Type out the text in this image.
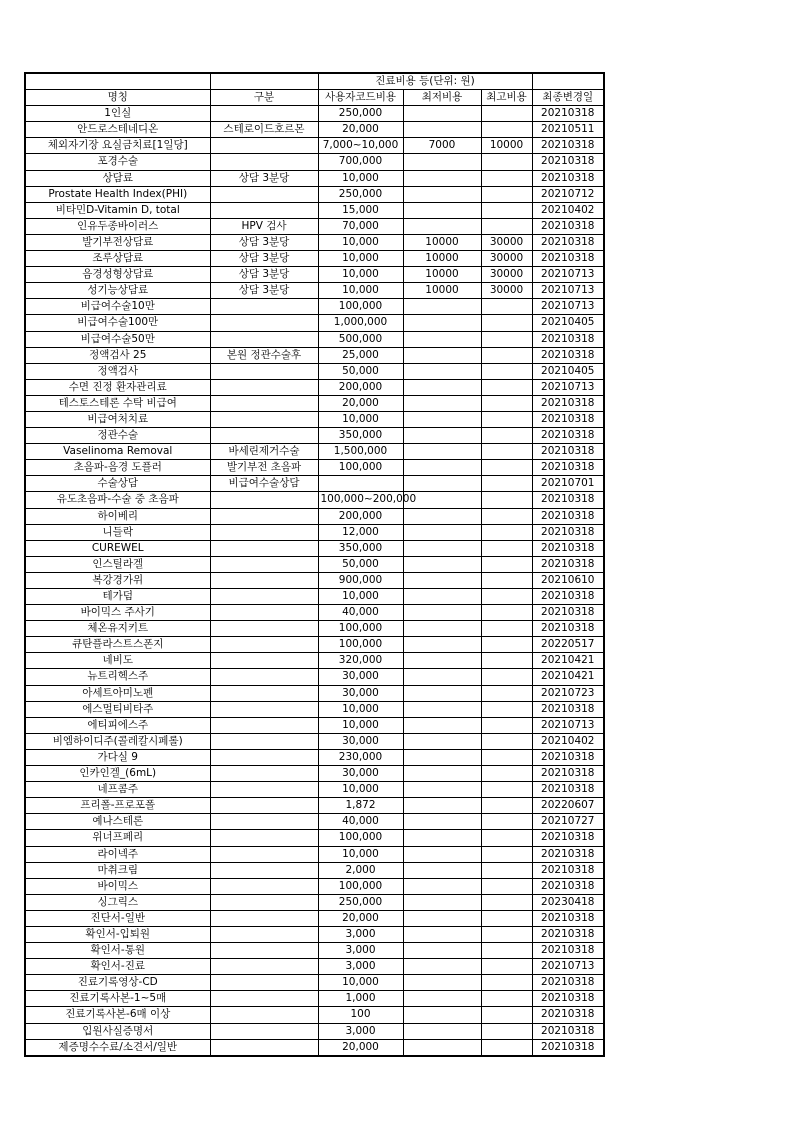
		진료비용 등(단위: 원)			
명칭	구분	사용자코드비용	최저비용	최고비용	최종변경일
1인실		250,000			20210318
안드로스테네디온	스테로이드호르몬	20,000			20210511
체외자기장 요실금치료[1일당]		7,000~10,000	7000	10000	20210318
포경수술		700,000			20210318
상담료	상담 3분당	10,000			20210318
Prostate Health Index(PHI)		250,000			20210712
비타민D-Vitamin D, total		15,000			20210402
인유두종바이러스	HPV 검사	70,000			20210318
발기부전상담료	상담 3분당	10,000	10000	30000	20210318
조루상담료	상담 3분당	10,000	10000	30000	20210318
음경성형상담료	상담 3분당	10,000	10000	30000	20210713
성기능상담료	상담 3분당	10,000	10000	30000	20210713
비급여수술10만		100,000			20210713
비급여수술100만		1,000,000			20210405
비급여수술50만		500,000			20210318
정액검사 25	본원 정관수술후	25,000			20210318
정액검사		50,000			20210405
수면 진정 환자관리료		200,000			20210713
테스토스테론 수탁 비급여		20,000			20210318
비급여처치료		10,000			20210318
정관수술		350,000			20210318
Vaselinoma Removal	바세린제거수술	1,500,000			20210318
초음파-음경 도플러	발기부전 초음파	100,000			20210318
수술상담	비급여수술상담				20210701
유도초음파-수술 중 초음파		100,000~200,000			20210318
하이베리		200,000			20210318
니들락		12,000			20210318
CUREWEL		350,000			20210318
인스틸라겔		50,000			20210318
복강경가위		900,000			20210610
테가덤		10,000			20210318
바이믹스 주사기		40,000			20210318
체온유지키트		100,000			20210318
큐탄플라스트스폰지		100,000			20220517
네비도		320,000			20210421
뉴트리헥스주		30,000			20210421
아세트아미노펜		30,000			20210723
에스멀티비타주		10,000			20210318
에티피에스주		10,000			20210713
비엠하이디주(콜레칼시페롤)		30,000			20210402
가다실 9		230,000			20210318
인카인겔_(6mL)		30,000			20210318
네프콤주		10,000			20210318
프리폴-프로포폴		1,872			20220607
예나스테론		40,000			20210727
위너프페리		100,000			20210318
라이넥주		10,000			20210318
마취크림		2,000			20210318
바이믹스		100,000			20210318
싱그릭스		250,000			20230418
진단서-일반		20,000			20210318
확인서-입퇴원		3,000			20210318
확인서-통원		3,000			20210318
확인서-진료		3,000			20210713
진료기록영상-CD		10,000			20210318
진료기록사본-1~5매		1,000			20210318
진료기록사본-6매 이상		100			20210318
입원사실증명서		3,000			20210318
제증명수수료/소견서/일반		20,000			20210318
